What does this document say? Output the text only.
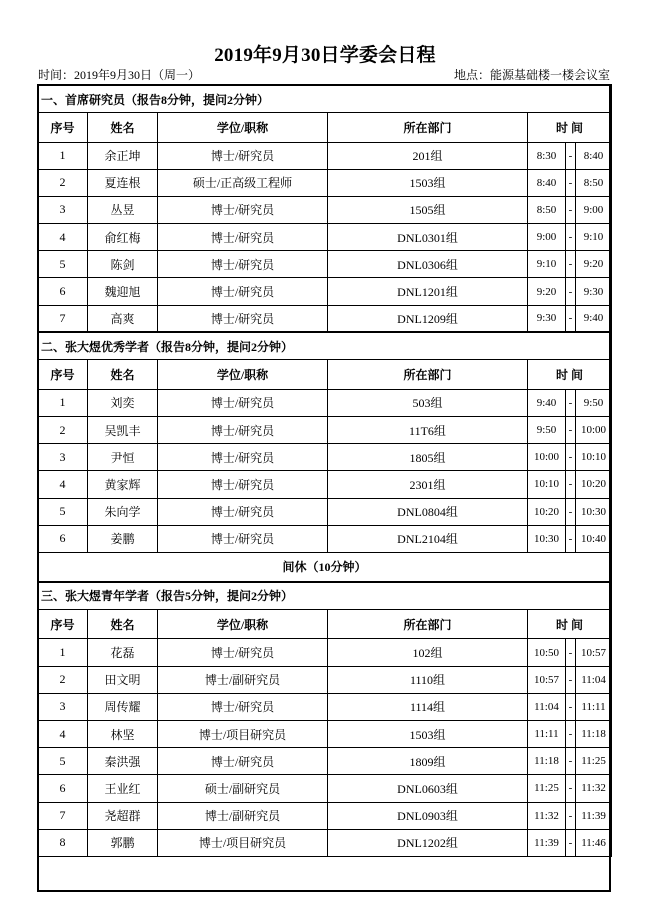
2019年9月30日学委会日程
时间：2019年9月30日（周一）	地点：能源基础楼一楼会议室
一、首席研究员（报告8分钟，提问2分钟）						
序号	姓名	学位/职称	所在部门	时 间		
1	余正坤	博士/研究员	201组	8:30	-	8:40
2	夏连根	硕士/正高级工程师	1503组	8:40	-	8:50
3	丛昱	博士/研究员	1505组	8:50	-	9:00
4	俞红梅	博士/研究员	DNL0301组	9:00	-	9:10
5	陈剑	博士/研究员	DNL0306组	9:10	-	9:20
6	魏迎旭	博士/研究员	DNL1201组	9:20	-	9:30
7	高爽	博士/研究员	DNL1209组	9:30	-	9:40
二、张大煜优秀学者（报告8分钟，提问2分钟）						
序号	姓名	学位/职称	所在部门	时 间		
1	刘奕	博士/研究员	503组	9:40	-	9:50
2	吴凯丰	博士/研究员	11T6组	9:50	-	10:00
3	尹恒	博士/研究员	1805组	10:00	-	10:10
4	黄家辉	博士/研究员	2301组	10:10	-	10:20
5	朱向学	博士/研究员	DNL0804组	10:20	-	10:30
6	姜鹏	博士/研究员	DNL2104组	10:30	-	10:40
间休（10分钟）						
三、张大煜青年学者（报告5分钟，提问2分钟）						
序号	姓名	学位/职称	所在部门	时 间		
1	花磊	博士/研究员	102组	10:50	-	10:57
2	田文明	博士/副研究员	1110组	10:57	-	11:04
3	周传耀	博士/研究员	1114组	11:04	-	11:11
4	林坚	博士/项目研究员	1503组	11:11	-	11:18
5	秦洪强	博士/研究员	1809组	11:18	-	11:25
6	王业红	硕士/副研究员	DNL0603组	11:25	-	11:32
7	尧超群	博士/副研究员	DNL0903组	11:32	-	11:39
8	郭鹏	博士/项目研究员	DNL1202组	11:39	-	11:46
